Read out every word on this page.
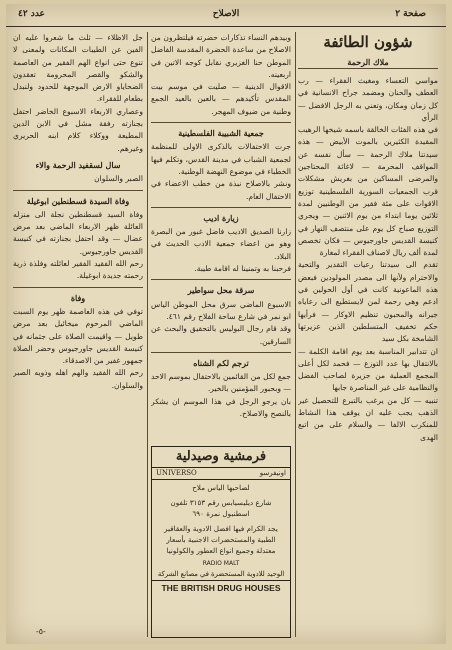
صفحة ٢
الاصلاح
عدد ٤٢
شؤون الطائفة
ملاك الرحمة

مواسي التعساء ومغيث الفقراء — رب العطف والحنان ومضمد جراح الانسانية في كل زمان ومكان، وتعني به الرجل الافضل — الرأي

في هذه الفئات الخالقة باسمه شيخها الرهيب المقيدة الكثيرين بالموت الأبيض — هذه سيدتنا ملاك الرحمة — سأل نفسه عن المواقف المحرمة — لاغاثة المحتاجين والمرضى المساكين من بغريش مشكلات قرب الجمعيات السورية الفلسطينية توزيع الاقوات على مئة فقير من الوطنيين لمدة ثلاثين يوما ابتداء من يوم الاثنين — ويجري التوزيع صباح كل يوم على منتصف النهار في كنيسة القديس جاورجيوس — فكان تخصص لمدة ألف ريال لاصناف الفقراء لمغارة

تقدم الى سيدتنا رعيات التقدير والتحية والاحترام ولأنها الى مصدر المولودين فبعض هذه الماعونية كانت في أول الحولين في ادعم وهي رحمة لمن لايستطيع الى رعاياه جيرانه والمحبون تنظيم الاوكار — فرأيها حكم تخفيف المتسلطين الذين عزيرتها الشامخة بكل سيد

ان تتدابير المناسبة بعد يوم اقامة الكلمة — بالانتقال بها عدد التوزع — فحمد لكل أعلى المجمع العملية من جزيرة لصاحب الفضل والنظامية على غير المناصرة جابها

تنبيه — كل من يرغب بالتبرع للتحصيل غير الذهب يجب عليه ان يوقف هذا النشاط للمنكرب الالفا — والسلام على من اتبع الهدى

وبيدهم النساء تذكارات حضرته فيلتظرون من الاصلاح من ساعدة الحضرة المقدسة الفاضل الموطن حنا الغزيري نقابل كوجه الاتين في اربعينه.

الاقوال الدينية — صليت في موسم بيت المقدس تأكيدهم — بالعين بالعيد الجمع وطنية من ضيوف المهجر.

جمعية الشبيبة الفلسطينية

جرت الاحتفالات بالذكرى الاولى للمنظمة لجمعية الشباب في مدينة القدس، وتكلم فيها الخطباء في موضوع النهضة الوطنية.

ونشر بالاصلاح نبذة من خطب الاعضاء في الاحتفال العام.

زيارة اديب

زارنا الصديق الاديب فاضل غبور من البصرة وهو من اعضاء جمعية الادب الحديث في البلاد.

فرحبنا به وتمنينا له اقامة طيبة.

سرقة محل سواطير

الاسبوع الماضي سرق محل الموطن الياس ابو نمر في شارع ساحة الفلاح رقم ٤٦١.

وقد قام رجال البوليس بالتحقيق والبحث عن السارقين.

ترجم لكم الشناه

جمع لكل من القائمين بالاحتفال بموسم الاحد — وبحبور المؤمنين بالخير.

بان يرجو الرجل في هذا الموسم ان يشكر بالنصح والاصلاح.

فرمشية وصيدلية
UNIVERSO	اونيفرسو
لصاحبها الياس ملاح
شارع ديليسيابس رقم ٣١٥٣ تلفون اسطنبول نمرة ٦٩٠
يجد الكرام فيها افضل الادوية والعقاقير الطبية والمستحضرات الاجنبية بأسعار معتدلة وجميع انواع العطور والكولونيا
RADIO MALT
الوحيد للادوية المستحضرة في مصانع الشركة
THE BRITISH DRUG HOUSES

جل الاظلاء — ثلث ما شعروا عليه ان الفين عن الطيبات المكانات ولمعنى لا تنوع حتى انواع الهم الفقير من العاصمة والشكو والقصر المحرومة تعقدون الضحاياو الارض الموجهة للحدود ولنبدل بطعام للفقراء.

وعصاري الاربعاء الاسبوع الخاضر احتفل بجنازته رفقة مشل في الابن الدين المطيعة ووكلاء كلام ابنه الحريري وغيرهم.

سال لسقفيد الرحمة والاء

الصبر والسلوان

وفاة السيدة قسطنطين ابوغيلة

وفاة السيد قسطنطين نجلة الى منزله العائلة ظهر الاربعاء الماضي بعد مرض عضال — وقد احتفل بجنازته في كنيسة القديس جاورجيوس.

رحم الله الفقيد الفقير لعائلته وفلذة ذرية رحمته جديدة ابوغيلة.

وفاة

توفي في هذه العاصمة ظهر يوم السبت الماضي المرحوم ميخائيل بعد مرض طويل — واقيمت الصلاة على جثمانه في كنيسة القديس جاورجيوس وحضر الصلاة جمهور غفير من الاصدقاء.

رحم الله الفقيد والهم اهله وذويه الصبر والسلوان.

-٥-
